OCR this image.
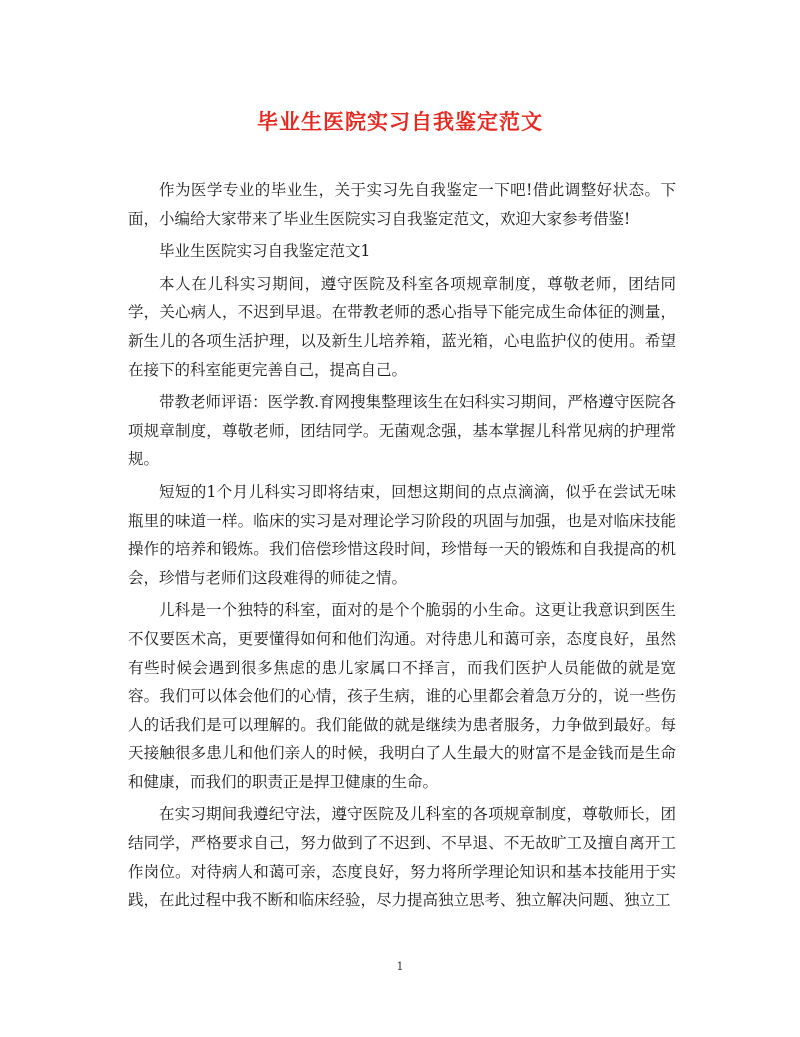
毕业生医院实习自我鉴定范文

作为医学专业的毕业生，关于实习先自我鉴定一下吧!借此调整好状态。下面，小编给大家带来了毕业生医院实习自我鉴定范文，欢迎大家参考借鉴!

毕业生医院实习自我鉴定范文1

本人在儿科实习期间，遵守医院及科室各项规章制度，尊敬老师，团结同学，关心病人，不迟到早退。在带教老师的悉心指导下能完成生命体征的测量，新生儿的各项生活护理，以及新生儿培养箱，蓝光箱，心电监护仪的使用。希望在接下的科室能更完善自己，提高自己。

带教老师评语：医学教.育网搜集整理该生在妇科实习期间，严格遵守医院各项规章制度，尊敬老师，团结同学。无菌观念强，基本掌握儿科常见病的护理常规。

短短的1个月儿科实习即将结束，回想这期间的点点滴滴，似乎在尝试无味瓶里的味道一样。临床的实习是对理论学习阶段的巩固与加强，也是对临床技能操作的培养和锻炼。我们倍偿珍惜这段时间，珍惜每一天的锻炼和自我提高的机会，珍惜与老师们这段难得的师徒之情。

儿科是一个独特的科室，面对的是个个脆弱的小生命。这更让我意识到医生不仅要医术高，更要懂得如何和他们沟通。对待患儿和蔼可亲，态度良好，虽然有些时候会遇到很多焦虑的患儿家属口不择言，而我们医护人员能做的就是宽容。我们可以体会他们的心情，孩子生病，谁的心里都会着急万分的，说一些伤人的话我们是可以理解的。我们能做的就是继续为患者服务，力争做到最好。每天接触很多患儿和他们亲人的时候，我明白了人生最大的财富不是金钱而是生命和健康，而我们的职责正是捍卫健康的生命。

在实习期间我遵纪守法，遵守医院及儿科室的各项规章制度，尊敬师长，团结同学，严格要求自己，努力做到了不迟到、不早退、不无故旷工及擅自离开工作岗位。对待病人和蔼可亲，态度良好，努力将所学理论知识和基本技能用于实践，在此过程中我不断和临床经验，尽力提高独立思考、独立解决问题、独立工

1
